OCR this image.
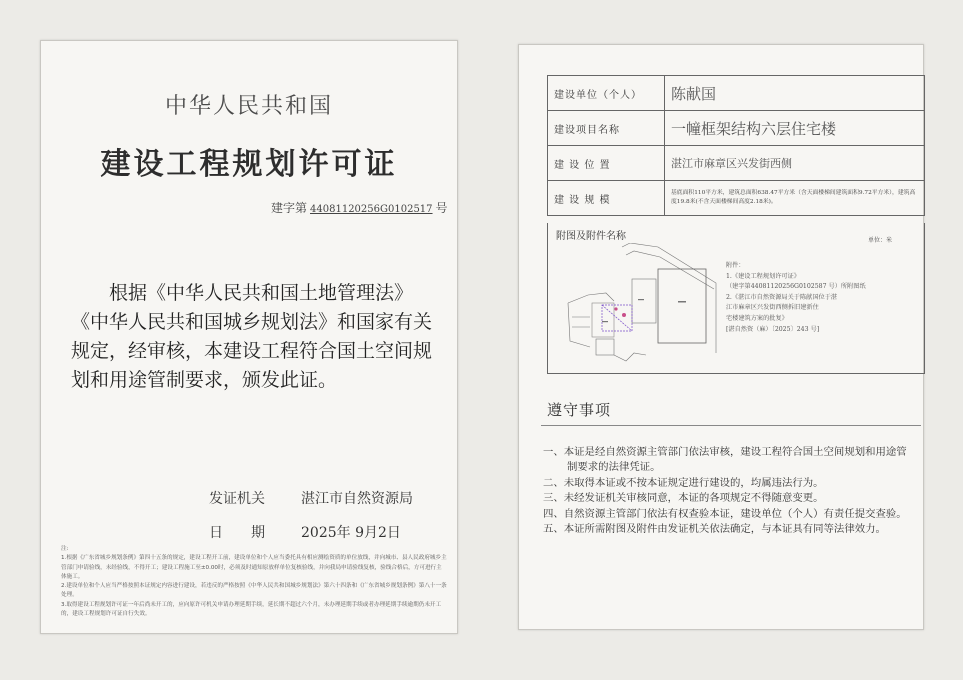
中华人民共和国
建设工程规划许可证
建字第 44081120256G0102517 号
根据《中华人民共和国土地管理法》《中华人民共和国城乡规划法》和国家有关规定，经审核，本建设工程符合国土空间规划和用途管制要求，颁发此证。
发证机关	湛江市自然资源局
日　　期	2025年 9月2日
注:
1.根据《广东省城乡规划条例》第四十五条的规定，建设工程开工前，建设单位和个人应当委托具有相应测绘资质的单位放线，并向城市、县人民政府城乡主管部门申请验线，未经验线，不得开工；建设工程施工至±0.00时，必须及时通知原放样单位复核验线，并向我局申请验线复核，验线合格后，方可进行主体施工。
2.建设单位和个人应当严格按照本证规定内容进行建设，若违反的严格按照《中华人民共和国城乡规划法》第六十四条和《广东省城乡规划条例》第八十一条处理。
3.取得建设工程规划许可证一年后尚未开工的，应向原许可机关申请办理延期手续，延长期不超过六个月，未办理延期手续或者办理延期手续逾期仍未开工的，建设工程规划许可证自行失效。
建设单位（个人）	陈献国
建设项目名称	一幢框架结构六层住宅楼
建 设 位 置	湛江市麻章区兴发街西侧
建 设 规 模	基底面积110平方米，建筑总面积638.47平方米（含天面楼梯间建筑面积9.72平方米），建筑高度19.8米(不含天面楼梯间高度2.18米)。
附图及附件名称	单位：米
附件：
1.《建设工程规划许可证》
（建字第44081120256G0102587 号）所附图纸
2.《湛江市自然资源局关于陈献国位于湛
江市麻章区兴发街西侧拆旧建新住
宅楼建筑方案的批复》
[湛自然资（麻）〔2025〕243 号]
遵守事项
一、本证是经自然资源主管部门依法审核，建设工程符合国土空间规划和用途管制要求的法律凭证。
二、未取得本证或不按本证规定进行建设的，均属违法行为。
三、未经发证机关审核同意，本证的各项规定不得随意变更。
四、自然资源主管部门依法有权查验本证，建设单位（个人）有责任提交查验。
五、本证所需附图及附件由发证机关依法确定，与本证具有同等法律效力。
